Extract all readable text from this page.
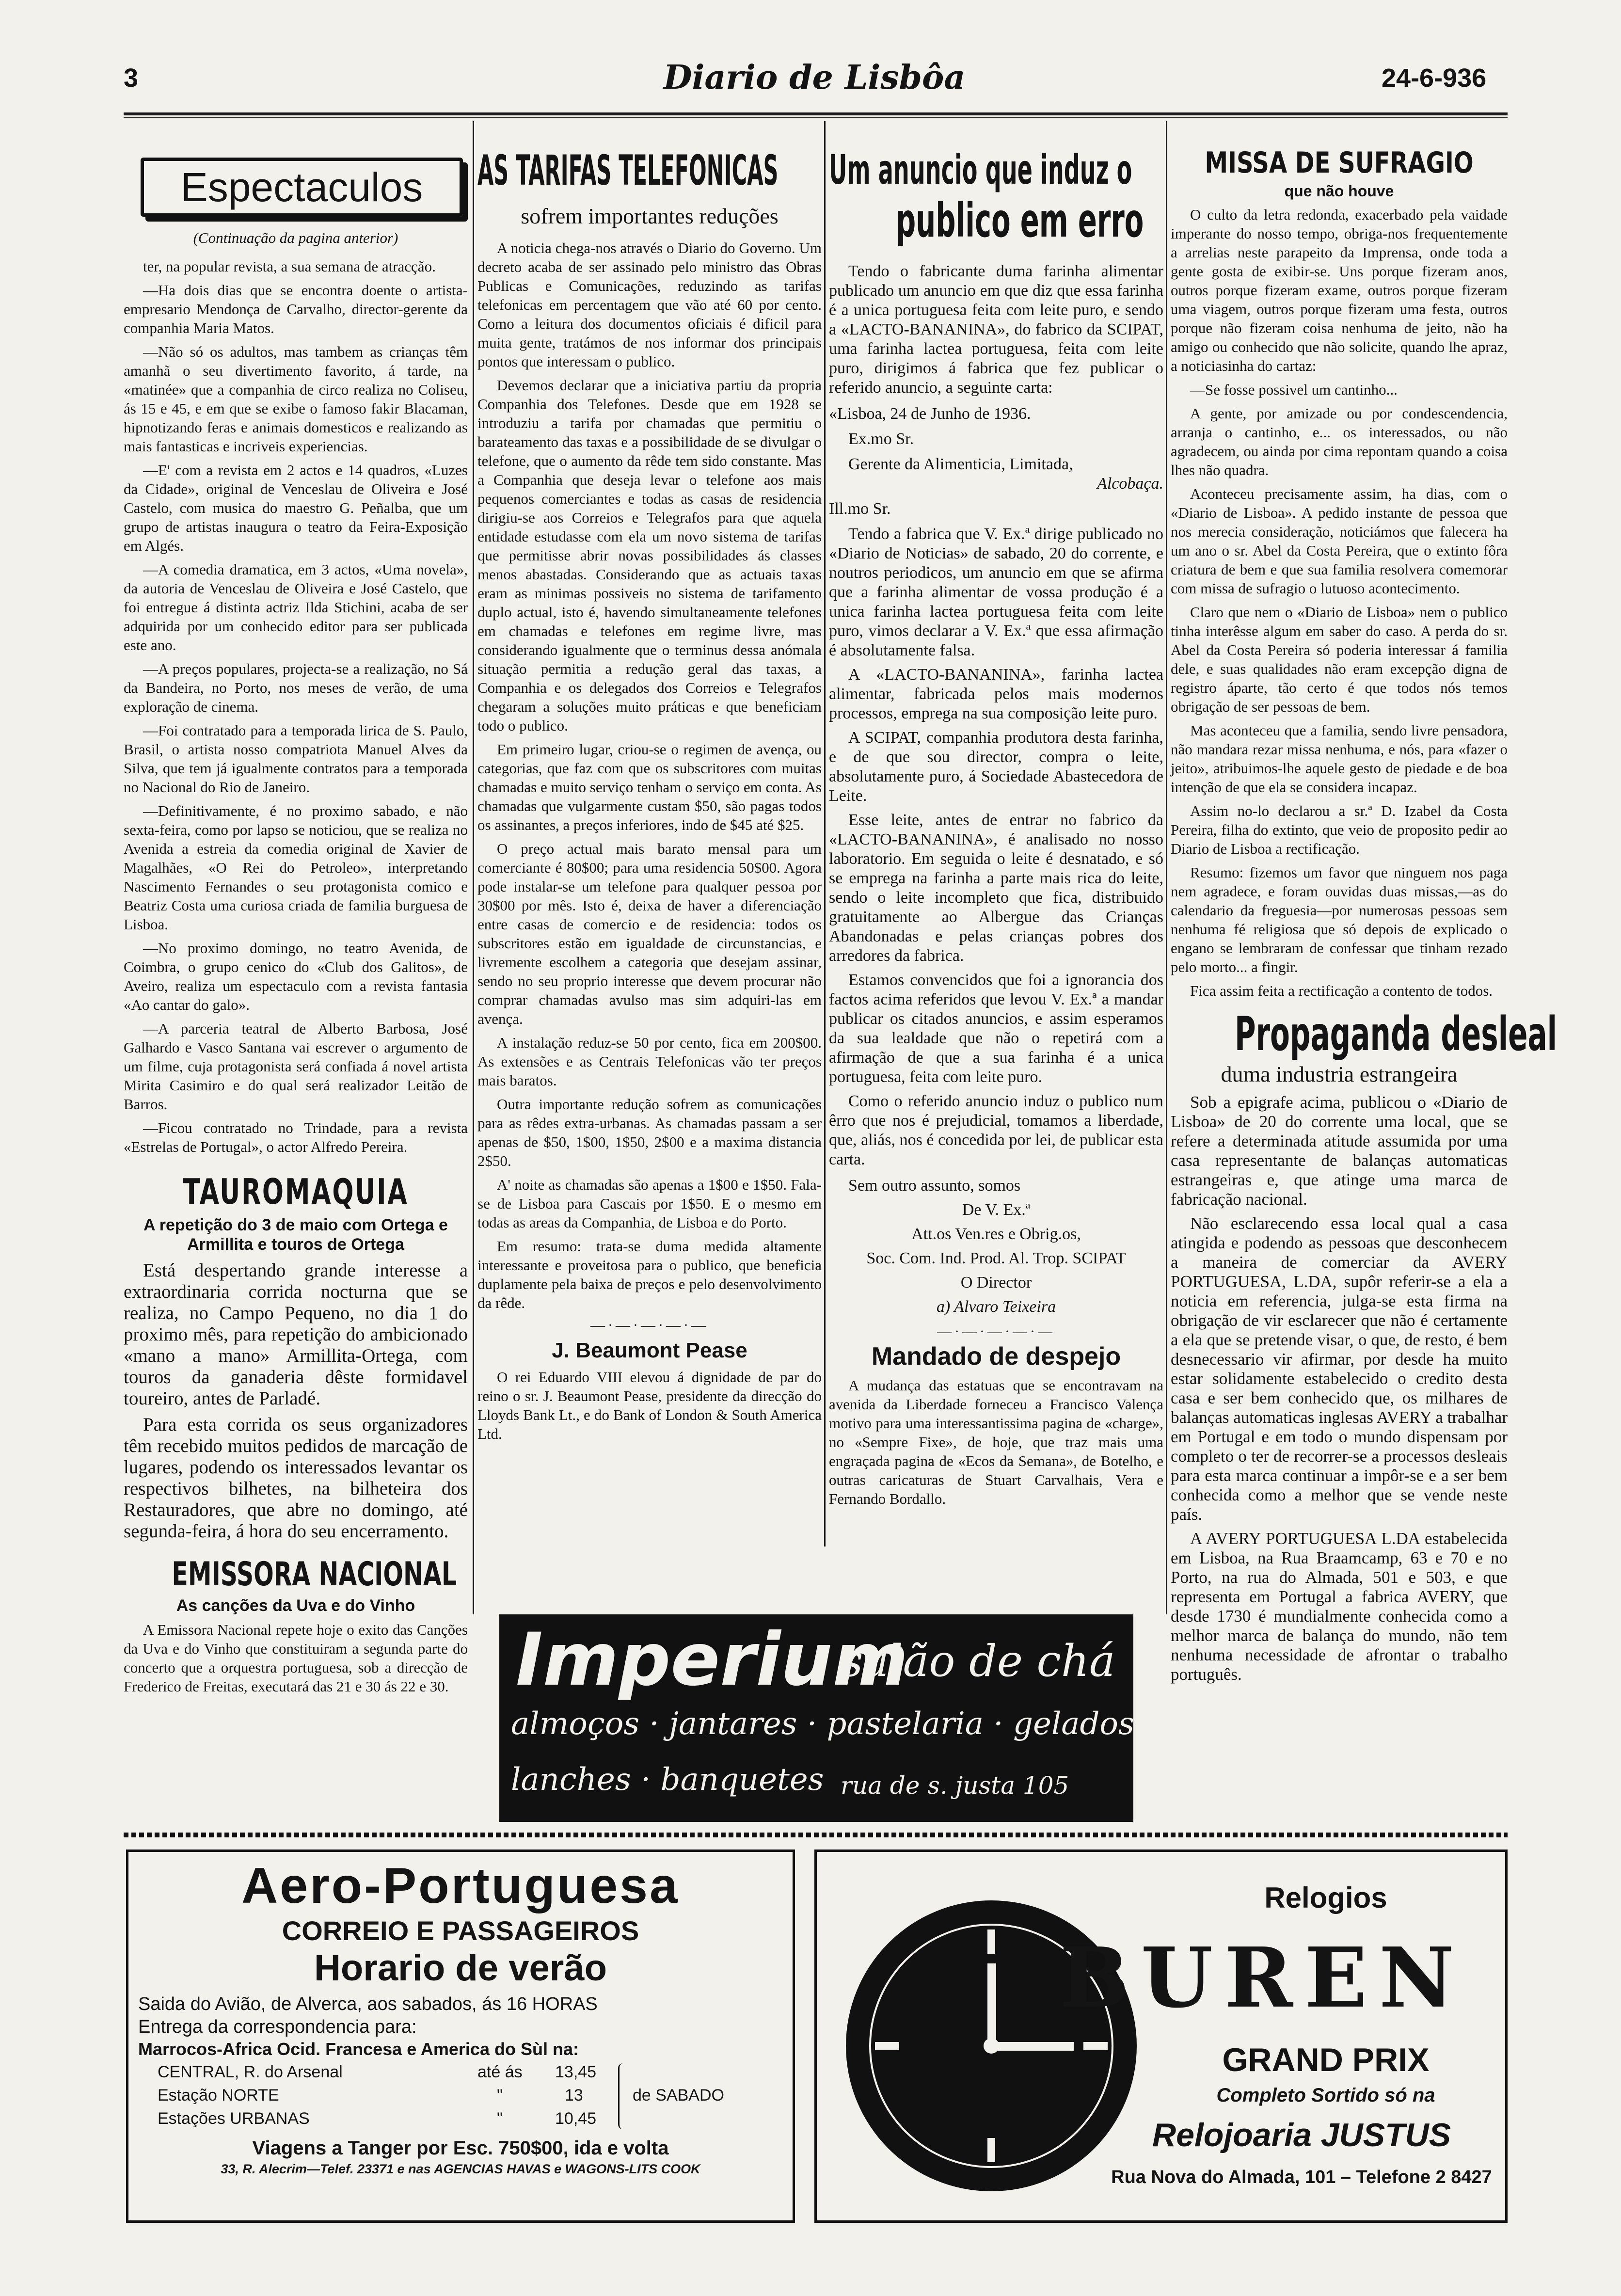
3	Diario de Lisbôa	24-6-936
Espectaculos
(Continuação da pagina anterior)

ter, na popular revista, a sua semana de atracção.

—Ha dois dias que se encontra doente o artista-empresario Mendonça de Carvalho, director-gerente da companhia Maria Matos.

—Não só os adultos, mas tambem as crianças têm amanhã o seu divertimento favorito, á tarde, na «matinée» que a companhia de circo realiza no Coliseu, ás 15 e 45, e em que se exibe o famoso fakir Blacaman, hipnotizando feras e animais domesticos e realizando as mais fantasticas e incriveis experiencias.

—E' com a revista em 2 actos e 14 quadros, «Luzes da Cidade», original de Venceslau de Oliveira e José Castelo, com musica do maestro G. Peñalba, que um grupo de artistas inaugura o teatro da Feira-Exposição em Algés.

—A comedia dramatica, em 3 actos, «Uma novela», da autoria de Venceslau de Oliveira e José Castelo, que foi entregue á distinta actriz Ilda Stichini, acaba de ser adquirida por um conhecido editor para ser publicada este ano.

—A preços populares, projecta-se a realização, no Sá da Bandeira, no Porto, nos meses de verão, de uma exploração de cinema.

—Foi contratado para a temporada lirica de S. Paulo, Brasil, o artista nosso compatriota Manuel Alves da Silva, que tem já igualmente contratos para a temporada no Nacional do Rio de Janeiro.

—Definitivamente, é no proximo sabado, e não sexta-feira, como por lapso se noticiou, que se realiza no Avenida a estreia da comedia original de Xavier de Magalhães, «O Rei do Petroleo», interpretando Nascimento Fernandes o seu protagonista comico e Beatriz Costa uma curiosa criada de familia burguesa de Lisboa.

—No proximo domingo, no teatro Avenida, de Coimbra, o grupo cenico do «Club dos Galitos», de Aveiro, realiza um espectaculo com a revista fantasia «Ao cantar do galo».

—A parceria teatral de Alberto Barbosa, José Galhardo e Vasco Santana vai escrever o argumento de um filme, cuja protagonista será confiada á novel artista Mirita Casimiro e do qual será realizador Leitão de Barros.

—Ficou contratado no Trindade, para a revista «Estrelas de Portugal», o actor Alfredo Pereira.

TAUROMAQUIA
A repetição do 3 de maio com Ortega e Armillita e touros de Ortega

Está despertando grande interesse a extraordinaria corrida nocturna que se realiza, no Campo Pequeno, no dia 1 do proximo mês, para repetição do ambicionado «mano a mano» Armillita-Ortega, com touros da ganaderia dêste formidavel toureiro, antes de Parladé.

Para esta corrida os seus organizadores têm recebido muitos pedidos de marcação de lugares, podendo os interessados levantar os respectivos bilhetes, na bilheteira dos Restauradores, que abre no domingo, até segunda-feira, á hora do seu encerramento.

EMISSORA NACIONAL
As canções da Uva e do Vinho

A Emissora Nacional repete hoje o exito das Canções da Uva e do Vinho que constituiram a segunda parte do concerto que a orquestra portuguesa, sob a direcção de Frederico de Freitas, executará das 21 e 30 ás 22 e 30.

AS TARIFAS TELEFONICAS
sofrem importantes reduções

A noticia chega-nos através o Diario do Governo. Um decreto acaba de ser assinado pelo ministro das Obras Publicas e Comunicações, reduzindo as tarifas telefonicas em percentagem que vão até 60 por cento. Como a leitura dos documentos oficiais é dificil para muita gente, tratámos de nos informar dos principais pontos que interessam o publico.

Devemos declarar que a iniciativa partiu da propria Companhia dos Telefones. Desde que em 1928 se introduziu a tarifa por chamadas que permitiu o barateamento das taxas e a possibilidade de se divulgar o telefone, que o aumento da rêde tem sido constante. Mas a Companhia que deseja levar o telefone aos mais pequenos comerciantes e todas as casas de residencia dirigiu-se aos Correios e Telegrafos para que aquela entidade estudasse com ela um novo sistema de tarifas que permitisse abrir novas possibilidades ás classes menos abastadas. Considerando que as actuais taxas eram as minimas possiveis no sistema de tarifamento duplo actual, isto é, havendo simultaneamente telefones em chamadas e telefones em regime livre, mas considerando igualmente que o terminus dessa anómala situação permitia a redução geral das taxas, a Companhia e os delegados dos Correios e Telegrafos chegaram a soluções muito práticas e que beneficiam todo o publico.

Em primeiro lugar, criou-se o regimen de avença, ou categorias, que faz com que os subscritores com muitas chamadas e muito serviço tenham o serviço em conta. As chamadas que vulgarmente custam $50, são pagas todos os assinantes, a preços inferiores, indo de $45 até $25.

O preço actual mais barato mensal para um comerciante é 80$00; para uma residencia 50$00. Agora pode instalar-se um telefone para qualquer pessoa por 30$00 por mês. Isto é, deixa de haver a diferenciação entre casas de comercio e de residencia: todos os subscritores estão em igualdade de circunstancias, e livremente escolhem a categoria que desejam assinar, sendo no seu proprio interesse que devem procurar não comprar chamadas avulso mas sim adquiri-las em avença.

A instalação reduz-se 50 por cento, fica em 200$00. As extensões e as Centrais Telefonicas vão ter preços mais baratos.

Outra importante redução sofrem as comunicações para as rêdes extra-urbanas. As chamadas passam a ser apenas de $50, 1$00, 1$50, 2$00 e a maxima distancia 2$50.

A' noite as chamadas são apenas a 1$00 e 1$50. Fala-se de Lisboa para Cascais por 1$50. E o mesmo em todas as areas da Companhia, de Lisboa e do Porto.

Em resumo: trata-se duma medida altamente interessante e proveitosa para o publico, que beneficia duplamente pela baixa de preços e pelo desenvolvimento da rêde.

—·—·—·—·—
J. Beaumont Pease

O rei Eduardo VIII elevou á dignidade de par do reino o sr. J. Beaumont Pease, presidente da direcção do Lloyds Bank Lt., e do Bank of London & South America Ltd.

Um anuncio que induz o
publico em erro

Tendo o fabricante duma farinha alimentar publicado um anuncio em que diz que essa farinha é a unica portuguesa feita com leite puro, e sendo a «LACTO-BANANINA», do fabrico da SCIPAT, uma farinha lactea portuguesa, feita com leite puro, dirigimos á fabrica que fez publicar o referido anuncio, a seguinte carta:

«Lisboa, 24 de Junho de 1936.
Ex.mo Sr.
Gerente da Alimenticia, Limitada,
Alcobaça.
Ill.mo Sr.

Tendo a fabrica que V. Ex.ª dirige publicado no «Diario de Noticias» de sabado, 20 do corrente, e noutros periodicos, um anuncio em que se afirma que a farinha alimentar de vossa produção é a unica farinha lactea portuguesa feita com leite puro, vimos declarar a V. Ex.ª que essa afirmação é absolutamente falsa.

A «LACTO-BANANINA», farinha lactea alimentar, fabricada pelos mais modernos processos, emprega na sua composição leite puro.

A SCIPAT, companhia produtora desta farinha, e de que sou director, compra o leite, absolutamente puro, á Sociedade Abastecedora de Leite.

Esse leite, antes de entrar no fabrico da «LACTO-BANANINA», é analisado no nosso laboratorio. Em seguida o leite é desnatado, e só se emprega na farinha a parte mais rica do leite, sendo o leite incompleto que fica, distribuido gratuitamente ao Albergue das Crianças Abandonadas e pelas crianças pobres dos arredores da fabrica.

Estamos convencidos que foi a ignorancia dos factos acima referidos que levou V. Ex.ª a mandar publicar os citados anuncios, e assim esperamos da sua lealdade que não o repetirá com a afirmação de que a sua farinha é a unica portuguesa, feita com leite puro.

Como o referido anuncio induz o publico num êrro que nos é prejudicial, tomamos a liberdade, que, aliás, nos é concedida por lei, de publicar esta carta.

Sem outro assunto, somos
De V. Ex.ª
Att.os Ven.res e Obrig.os,
Soc. Com. Ind. Prod. Al. Trop. SCIPAT
O Director
a) Alvaro Teixeira
—·—·—·—·—
Mandado de despejo

A mudança das estatuas que se encontravam na avenida da Liberdade forneceu a Francisco Valença motivo para uma interessantissima pagina de «charge», no «Sempre Fixe», de hoje, que traz mais uma engraçada pagina de «Ecos da Semana», de Botelho, e outras caricaturas de Stuart Carvalhais, Vera e Fernando Bordallo.

MISSA DE SUFRAGIO
que não houve

O culto da letra redonda, exacerbado pela vaidade imperante do nosso tempo, obriga-nos frequentemente a arrelias neste parapeito da Imprensa, onde toda a gente gosta de exibir-se. Uns porque fizeram anos, outros porque fizeram exame, outros porque fizeram uma viagem, outros porque fizeram uma festa, outros porque não fizeram coisa nenhuma de jeito, não ha amigo ou conhecido que não solicite, quando lhe apraz, a noticiasinha do cartaz:

—Se fosse possivel um cantinho...

A gente, por amizade ou por condescendencia, arranja o cantinho, e... os interessados, ou não agradecem, ou ainda por cima repontam quando a coisa lhes não quadra.

Aconteceu precisamente assim, ha dias, com o «Diario de Lisboa». A pedido instante de pessoa que nos merecia consideração, noticiámos que falecera ha um ano o sr. Abel da Costa Pereira, que o extinto fôra criatura de bem e que sua familia resolvera comemorar com missa de sufragio o lutuoso acontecimento.

Claro que nem o «Diario de Lisboa» nem o publico tinha interêsse algum em saber do caso. A perda do sr. Abel da Costa Pereira só poderia interessar á familia dele, e suas qualidades não eram excepção digna de registro áparte, tão certo é que todos nós temos obrigação de ser pessoas de bem.

Mas aconteceu que a familia, sendo livre pensadora, não mandara rezar missa nenhuma, e nós, para «fazer o jeito», atribuimos-lhe aquele gesto de piedade e de boa intenção de que ela se considera incapaz.

Assim no-lo declarou a sr.ª D. Izabel da Costa Pereira, filha do extinto, que veio de proposito pedir ao Diario de Lisboa a rectificação.

Resumo: fizemos um favor que ninguem nos paga nem agradece, e foram ouvidas duas missas,—as do calendario da freguesia—por numerosas pessoas sem nenhuma fé religiosa que só depois de explicado o engano se lembraram de confessar que tinham rezado pelo morto... a fingir.

Fica assim feita a rectificação a contento de todos.

Propaganda desleal
duma industria estrangeira

Sob a epigrafe acima, publicou o «Diario de Lisboa» de 20 do corrente uma local, que se refere a determinada atitude assumida por uma casa representante de balanças automaticas estrangeiras e, que atinge uma marca de fabricação nacional.

Não esclarecendo essa local qual a casa atingida e podendo as pessoas que desconhecem a maneira de comerciar da AVERY PORTUGUESA, L.DA, supôr referir-se a ela a noticia em referencia, julga-se esta firma na obrigação de vir esclarecer que não é certamente a ela que se pretende visar, o que, de resto, é bem desnecessario vir afirmar, por desde ha muito estar solidamente estabelecido o credito desta casa e ser bem conhecido que, os milhares de balanças automaticas inglesas AVERY a trabalhar em Portugal e em todo o mundo dispensam por completo o ter de recorrer-se a processos desleais para esta marca continuar a impôr-se e a ser bem conhecida como a melhor que se vende neste país.

A AVERY PORTUGUESA L.DA estabelecida em Lisboa, na Rua Braamcamp, 63 e 70 e no Porto, na rua do Almada, 501 e 503, e que representa em Portugal a fabrica AVERY, que desde 1730 é mundialmente conhecida como a melhor marca de balança do mundo, não tem nenhuma necessidade de afrontar o trabalho português.

Imperium
salão de chá
almoços · jantares · pastelaria · gelados
lanches · banquetes rua de s. justa 105
Aero-Portuguesa
CORREIO E PASSAGEIROS
Horario de verão
Saida do Avião, de Alverca, aos sabados, ás 16 HORAS
Entrega da correspondencia para:
Marrocos-Africa Ocid. Francesa e America do Sùl na:
CENTRAL, R. do Arsenal	até ás 13,45
Estação NORTE	"	13
Estações URBANAS	"	10,45
de SABADO
Viagens a Tanger por Esc. 750$00, ida e volta
33, R. Alecrim—Telef. 23371 e nas AGENCIAS HAVAS e WAGONS-LITS COOK
Relogios
BUREN
GRAND PRIX
Completo Sortido só na
Relojoaria JUSTUS
Rua Nova do Almada, 101 – Telefone 2 8427
